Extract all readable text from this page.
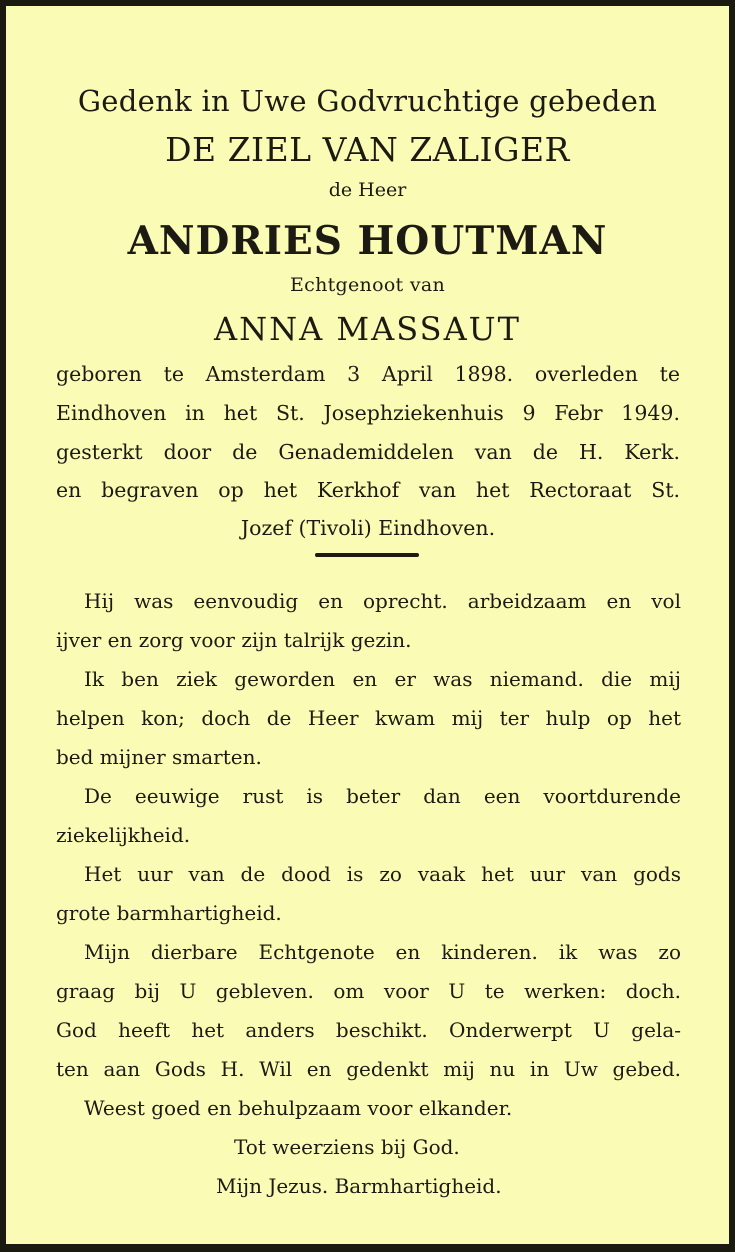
Gedenk in Uwe Godvruchtige gebeden
DE ZIEL VAN ZALIGER
de Heer
ANDRIES HOUTMAN
Echtgenoot van
ANNA MASSAUT
geboren te Amsterdam 3 April 1898. overleden te
Eindhoven in het St. Josephziekenhuis 9 Febr 1949.
gesterkt door de Genademiddelen van de H. Kerk.
en begraven op het Kerkhof van het Rectoraat St.
Jozef (Tivoli) Eindhoven.
Hij was eenvoudig en oprecht. arbeidzaam en vol
ijver en zorg voor zijn talrijk gezin.
Ik ben ziek geworden en er was niemand. die mij
helpen kon; doch de Heer kwam mij ter hulp op het
bed mijner smarten.
De eeuwige rust is beter dan een voortdurende
ziekelijkheid.
Het uur van de dood is zo vaak het uur van gods
grote barmhartigheid.
Mijn dierbare Echtgenote en kinderen. ik was zo
graag bij U gebleven. om voor U te werken: doch.
God heeft het anders beschikt. Onderwerpt U gela-
ten aan Gods H. Wil en gedenkt mij nu in Uw gebed.
Weest goed en behulpzaam voor elkander.
Tot weerziens bij God.
Mijn Jezus. Barmhartigheid.
